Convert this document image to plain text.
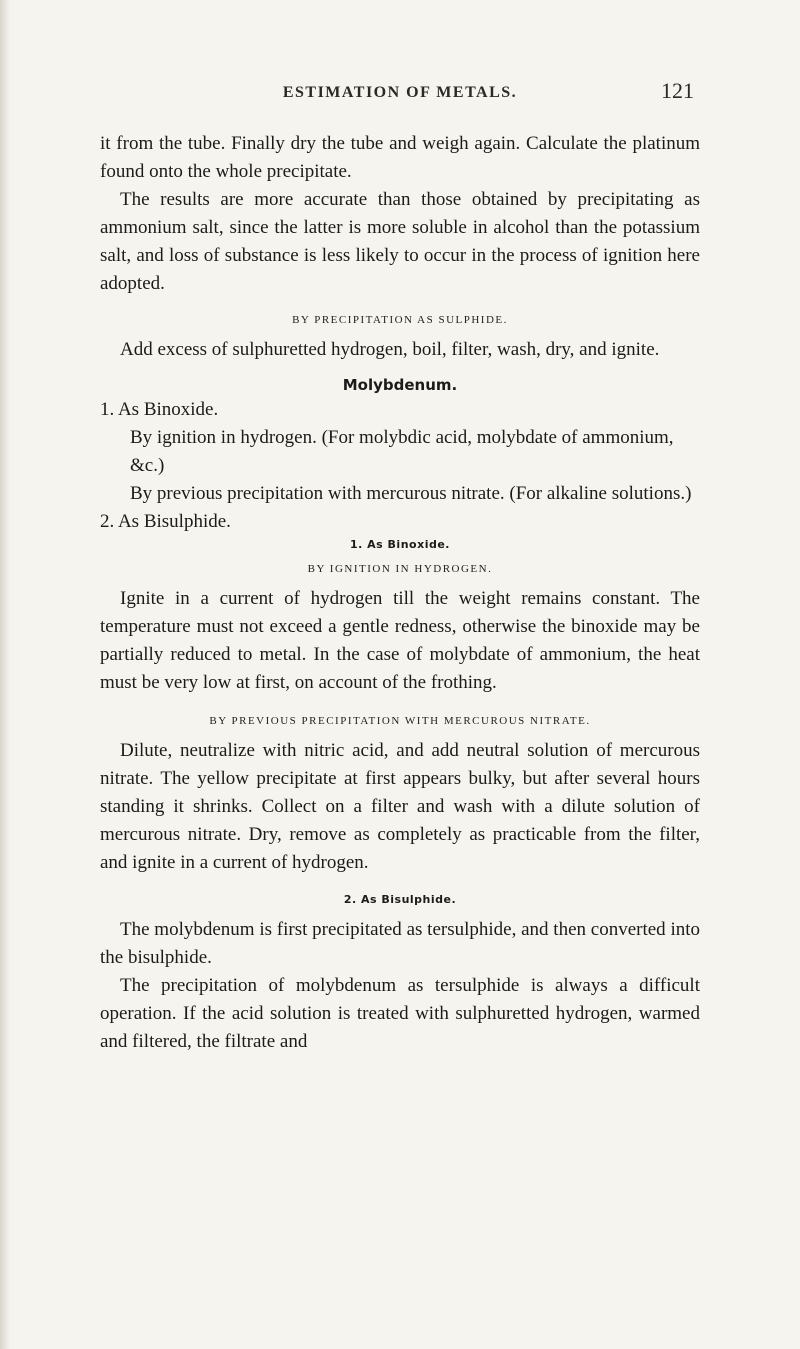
ESTIMATION OF METALS.	121

it from the tube. Finally dry the tube and weigh again. Calculate the platinum found onto the whole precipitate.

The results are more accurate than those obtained by precipitating as ammonium salt, since the latter is more soluble in alcohol than the potassium salt, and loss of substance is less likely to occur in the process of ignition here adopted.

BY PRECIPITATION AS SULPHIDE.

Add excess of sulphuretted hydrogen, boil, filter, wash, dry, and ignite.

Molybdenum.
1. As Binoxide.
By ignition in hydrogen. (For molybdic acid, molybdate of ammonium, &c.)
By previous precipitation with mercurous nitrate. (For alkaline solutions.)
2. As Bisulphide.
1. As Binoxide.
BY IGNITION IN HYDROGEN.

Ignite in a current of hydrogen till the weight remains constant. The temperature must not exceed a gentle redness, otherwise the binoxide may be partially reduced to metal. In the case of molybdate of ammonium, the heat must be very low at first, on account of the frothing.

BY PREVIOUS PRECIPITATION WITH MERCUROUS NITRATE.

Dilute, neutralize with nitric acid, and add neutral solution of mercurous nitrate. The yellow precipitate at first appears bulky, but after several hours standing it shrinks. Collect on a filter and wash with a dilute solution of mercurous nitrate. Dry, remove as completely as practicable from the filter, and ignite in a current of hydrogen.

2. As Bisulphide.

The molybdenum is first precipitated as tersulphide, and then converted into the bisulphide.

The precipitation of molybdenum as tersulphide is always a difficult operation. If the acid solution is treated with sulphuretted hydrogen, warmed and filtered, the filtrate and
